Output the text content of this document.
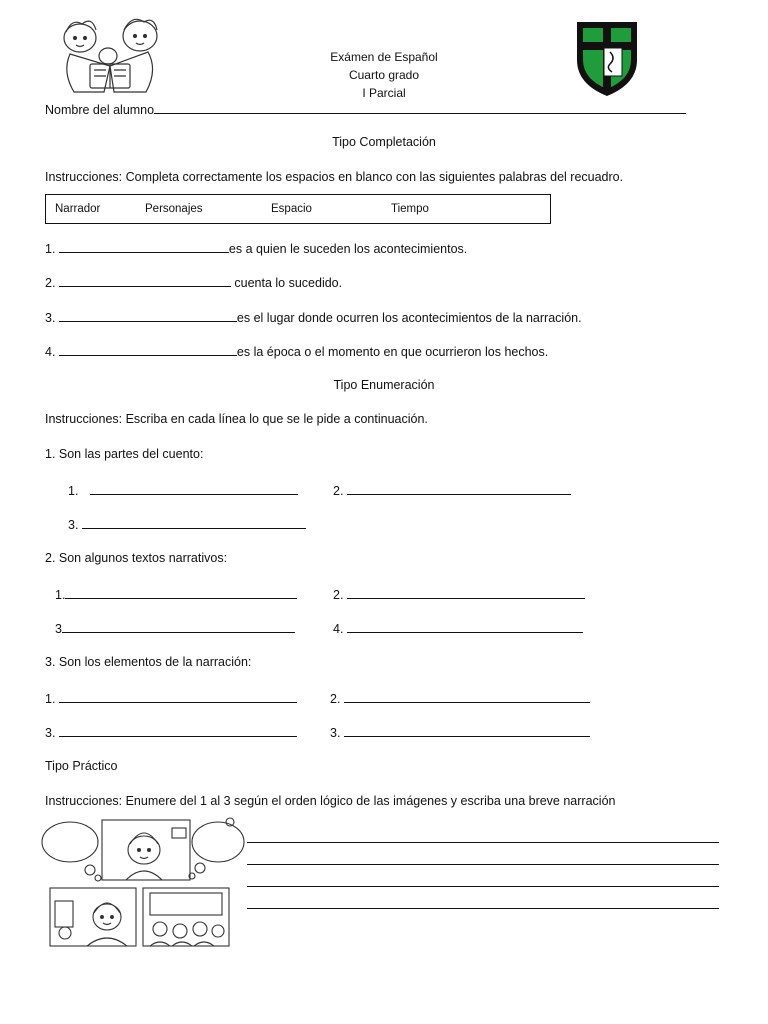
Exámen de Español
Cuarto grado
I Parcial
Nombre del alumno
Tipo Completación
Instrucciones: Completa correctamente los espacios en blanco con las siguientes palabras del recuadro.
Narrador	Personajes	Espacio	Tiempo
1.	es a quien le suceden los acontecimientos.
2.	cuenta lo sucedido.
3.	es el lugar donde ocurren los acontecimientos de la narración.
4.	es la época o el momento en que ocurrieron los hechos.
Tipo Enumeración
Instrucciones: Escriba en cada línea lo que se le pide a continuación.
1. Son las partes del cuento:
1.	2.
3.
2. Son algunos textos narrativos:
1.	2.
3	4.
3. Son los elementos de la narración:
1.	2.
3.	3.
Tipo Práctico
Instrucciones: Enumere del 1 al 3 según el orden lógico de las imágenes y escriba una breve narración
